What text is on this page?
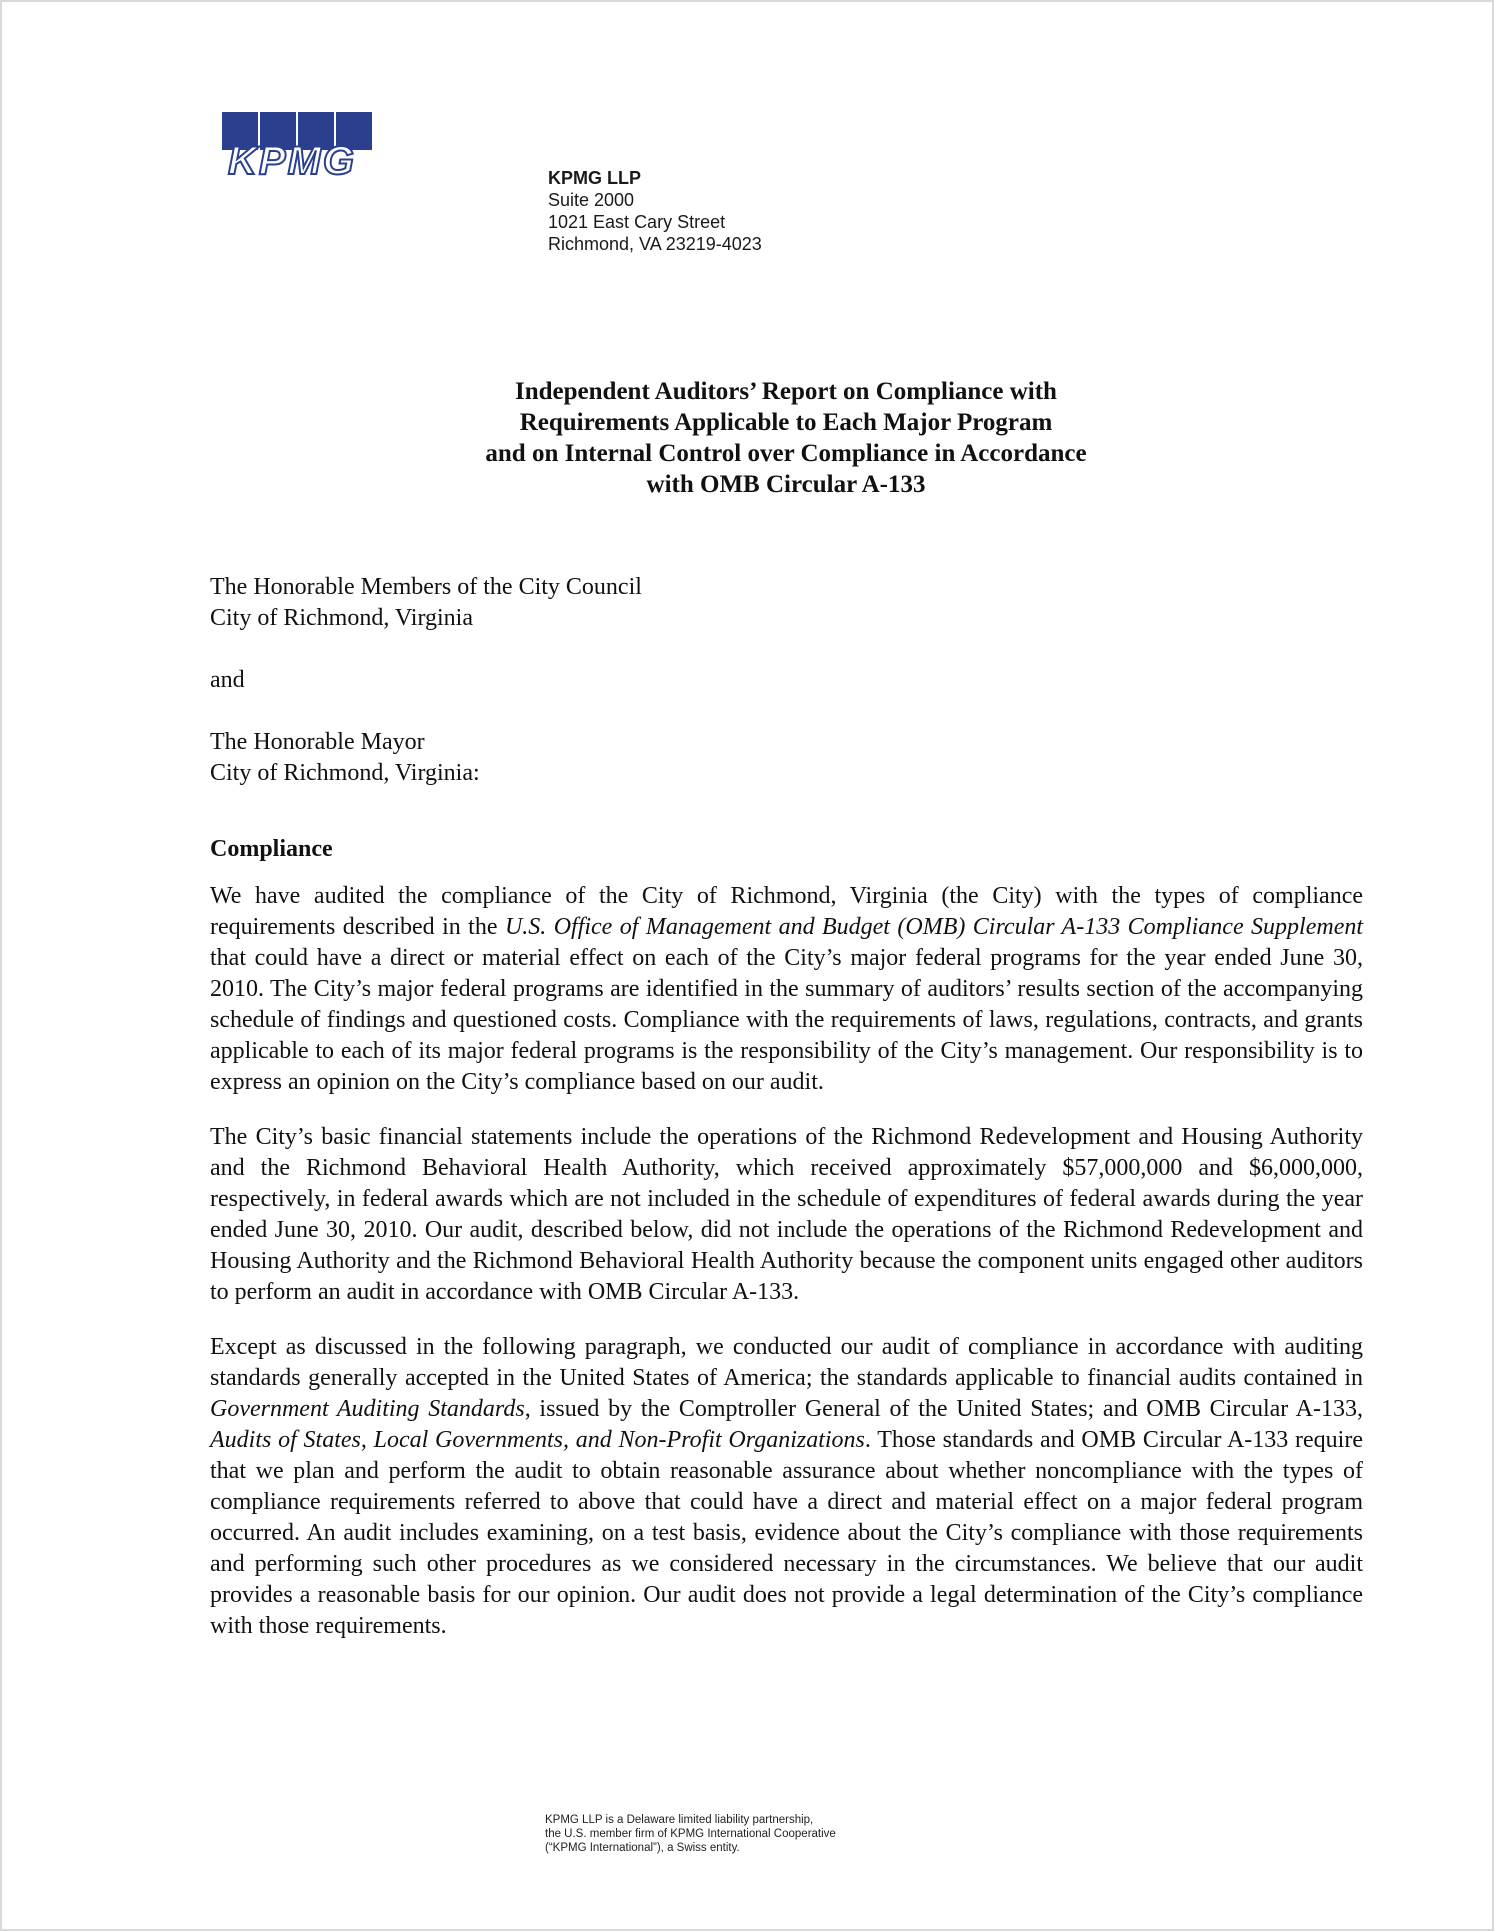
KPMG	KPMG LLP
Suite 2000
1021 East Cary Street
Richmond, VA 23219-4023
Independent Auditors’ Report on Compliance with
Requirements Applicable to Each Major Program
and on Internal Control over Compliance in Accordance
with OMB Circular A-133

The Honorable Members of the City Council

City of Richmond, Virginia

and

The Honorable Mayor

City of Richmond, Virginia:

Compliance

We have audited the compliance of the City of Richmond, Virginia (the City) with the types of compliance requirements described in the U.S. Office of Management and Budget (OMB) Circular A-133 Compliance Supplement that could have a direct or material effect on each of the City’s major federal programs for the year ended June 30, 2010. The City’s major federal programs are identified in the summary of auditors’ results section of the accompanying schedule of findings and questioned costs. Compliance with the requirements of laws, regulations, contracts, and grants applicable to each of its major federal programs is the responsibility of the City’s management. Our responsibility is to express an opinion on the City’s compliance based on our audit.

The City’s basic financial statements include the operations of the Richmond Redevelopment and Housing Authority and the Richmond Behavioral Health Authority, which received approximately $57,000,000 and $6,000,000, respectively, in federal awards which are not included in the schedule of expenditures of federal awards during the year ended June 30, 2010. Our audit, described below, did not include the operations of the Richmond Redevelopment and Housing Authority and the Richmond Behavioral Health Authority because the component units engaged other auditors to perform an audit in accordance with OMB Circular A-133.

Except as discussed in the following paragraph, we conducted our audit of compliance in accordance with auditing standards generally accepted in the United States of America; the standards applicable to financial audits contained in Government Auditing Standards, issued by the Comptroller General of the United States; and OMB Circular A-133, Audits of States, Local Governments, and Non-Profit Organizations. Those standards and OMB Circular A-133 require that we plan and perform the audit to obtain reasonable assurance about whether noncompliance with the types of compliance requirements referred to above that could have a direct and material effect on a major federal program occurred. An audit includes examining, on a test basis, evidence about the City’s compliance with those requirements and performing such other procedures as we considered necessary in the circumstances. We believe that our audit provides a reasonable basis for our opinion. Our audit does not provide a legal determination of the City’s compliance with those requirements.

KPMG LLP is a Delaware limited liability partnership,
the U.S. member firm of KPMG International Cooperative
(“KPMG International”), a Swiss entity.
